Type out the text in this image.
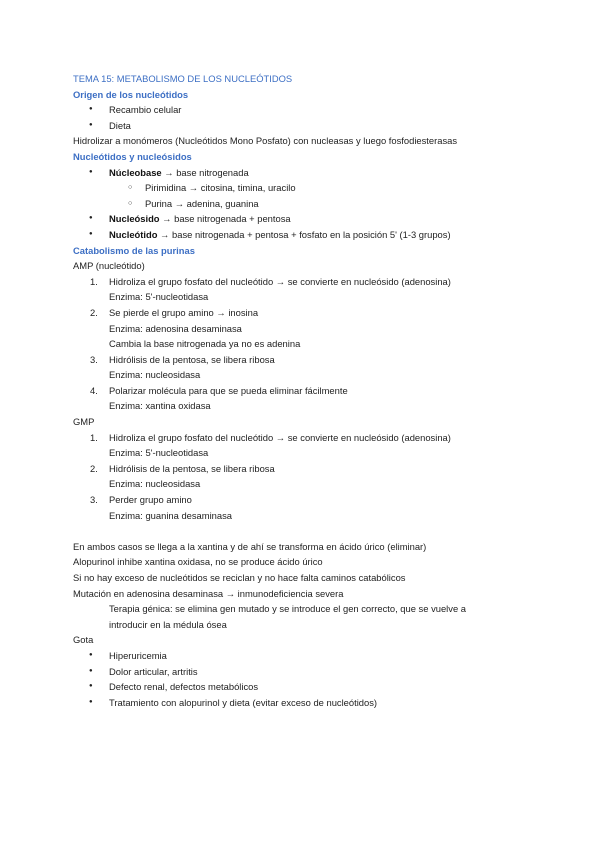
TEMA 15: METABOLISMO DE LOS NUCLEÓTIDOS
Origen de los nucleótidos
● Recambio celular
● Dieta
Hidrolizar a monómeros (Nucleótidos Mono Posfato) con nucleasas y luego fosfodiesterasas
Nucleótidos y nucleósidos
● Núcleobase → base nitrogenada
○ Pirimidina → citosina, timina, uracilo
○ Purina → adenina, guanina
● Nucleósido → base nitrogenada + pentosa
● Nucleótido → base nitrogenada + pentosa + fosfato en la posición 5' (1-3 grupos)
Catabolismo de las purinas
AMP (nucleótido)
1. Hidroliza el grupo fosfato del nucleótido → se convierte en nucleósido (adenosina)
Enzima: 5'-nucleotidasa
2. Se pierde el grupo amino → inosina
Enzima: adenosina desaminasa
Cambia la base nitrogenada ya no es adenina
3. Hidrólisis de la pentosa, se libera ribosa
Enzima: nucleosidasa
4. Polarizar molécula para que se pueda eliminar fácilmente
Enzima: xantina oxidasa
GMP
1. Hidroliza el grupo fosfato del nucleótido → se convierte en nucleósido (adenosina)
Enzima: 5'-nucleotidasa
2. Hidrólisis de la pentosa, se libera ribosa
Enzima: nucleosidasa
3. Perder grupo amino
Enzima: guanina desaminasa
En ambos casos se llega a la xantina y de ahí se transforma en ácido úrico (eliminar)
Alopurinol inhibe xantina oxidasa, no se produce ácido úrico
Si no hay exceso de nucleótidos se reciclan y no hace falta caminos catabólicos
Mutación en adenosina desaminasa → inmunodeficiencia severa
Terapia génica: se elimina gen mutado y se introduce el gen correcto, que se vuelve a
introducir en la médula ósea
Gota
● Hiperuricemia
● Dolor articular, artritis
● Defecto renal, defectos metabólicos
● Tratamiento con alopurinol y dieta (evitar exceso de nucleótidos)
